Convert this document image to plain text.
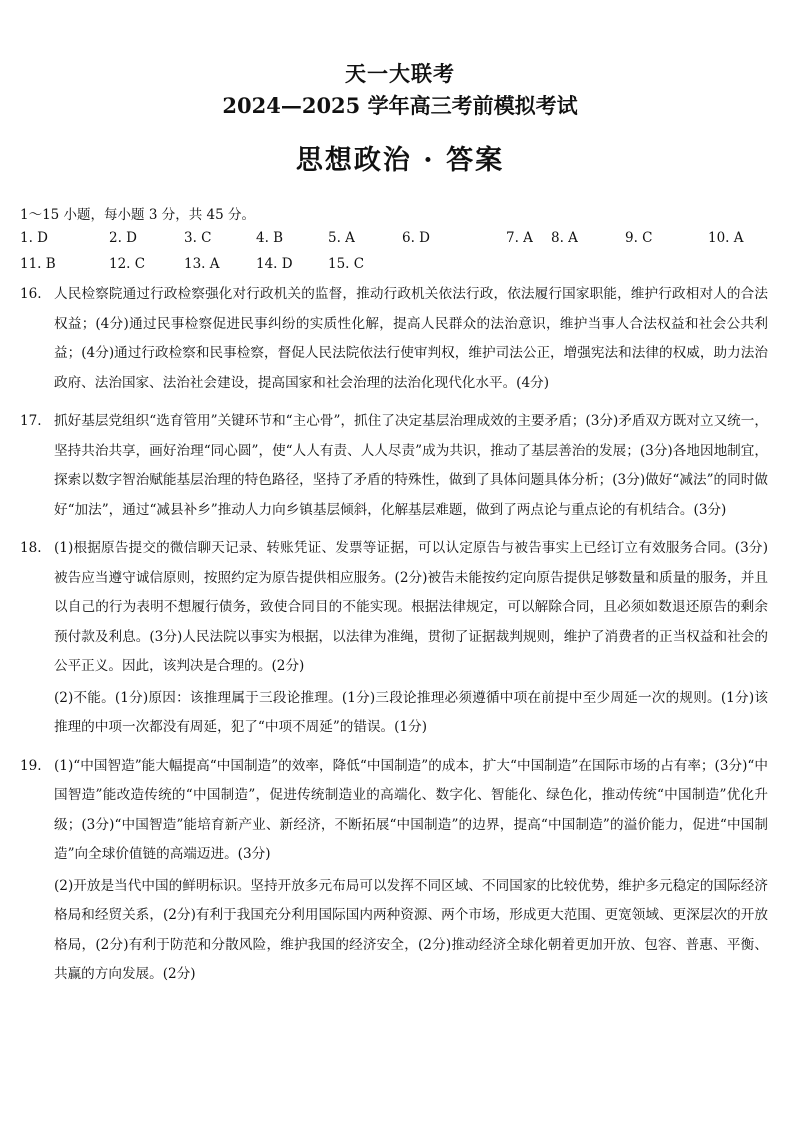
天一大联考
2024—2025 学年高三考前模拟考试
思想政治 · 答案
1～15 小题，每小题 3 分，共 45 分。
1. D	2. D	3. C	4. B	5. A	6. D	7. A 8. A	9. C	10. A
11. B	12. C	13. A	14. D	15. C
16. 人民检察院通过行政检察强化对行政机关的监督，推动行政机关依法行政，依法履行国家职能，维护行政相对人的合法权益；(4分)通过民事检察促进民事纠纷的实质性化解，提高人民群众的法治意识，维护当事人合法权益和社会公共利益；(4分)通过行政检察和民事检察，督促人民法院依法行使审判权，维护司法公正，增强宪法和法律的权威，助力法治政府、法治国家、法治社会建设，提高国家和社会治理的法治化现代化水平。(4分)

17. 抓好基层党组织“选育管用”关键环节和“主心骨”，抓住了决定基层治理成效的主要矛盾；(3分)矛盾双方既对立又统一，坚持共治共享，画好治理“同心圆”，使“人人有责、人人尽责”成为共识，推动了基层善治的发展；(3分)各地因地制宜，探索以数字智治赋能基层治理的特色路径，坚持了矛盾的特殊性，做到了具体问题具体分析；(3分)做好“减法”的同时做好“加法”，通过“减县补乡”推动人力向乡镇基层倾斜，化解基层难题，做到了两点论与重点论的有机结合。(3分)

18. (1)根据原告提交的微信聊天记录、转账凭证、发票等证据，可以认定原告与被告事实上已经订立有效服务合同。(3分)被告应当遵守诚信原则，按照约定为原告提供相应服务。(2分)被告未能按约定向原告提供足够数量和质量的服务，并且以自己的行为表明不想履行债务，致使合同目的不能实现。根据法律规定，可以解除合同，且必须如数退还原告的剩余预付款及利息。(3分)人民法院以事实为根据，以法律为准绳，贯彻了证据裁判规则，维护了消费者的正当权益和社会的公平正义。因此，该判决是合理的。(2分)

(2)不能。(1分)原因：该推理属于三段论推理。(1分)三段论推理必须遵循中项在前提中至少周延一次的规则。(1分)该推理的中项一次都没有周延，犯了“中项不周延”的错误。(1分)

19. (1)“中国智造”能大幅提高“中国制造”的效率，降低“中国制造”的成本，扩大“中国制造”在国际市场的占有率；(3分)“中国智造”能改造传统的“中国制造”，促进传统制造业的高端化、数字化、智能化、绿色化，推动传统“中国制造”优化升级；(3分)“中国智造”能培育新产业、新经济，不断拓展“中国制造”的边界，提高“中国制造”的溢价能力，促进“中国制造”向全球价值链的高端迈进。(3分)

(2)开放是当代中国的鲜明标识。坚持开放多元布局可以发挥不同区域、不同国家的比较优势，维护多元稳定的国际经济格局和经贸关系，(2分)有利于我国充分利用国际国内两种资源、两个市场，形成更大范围、更宽领域、更深层次的开放格局，(2分)有利于防范和分散风险，维护我国的经济安全，(2分)推动经济全球化朝着更加开放、包容、普惠、平衡、共赢的方向发展。(2分)
